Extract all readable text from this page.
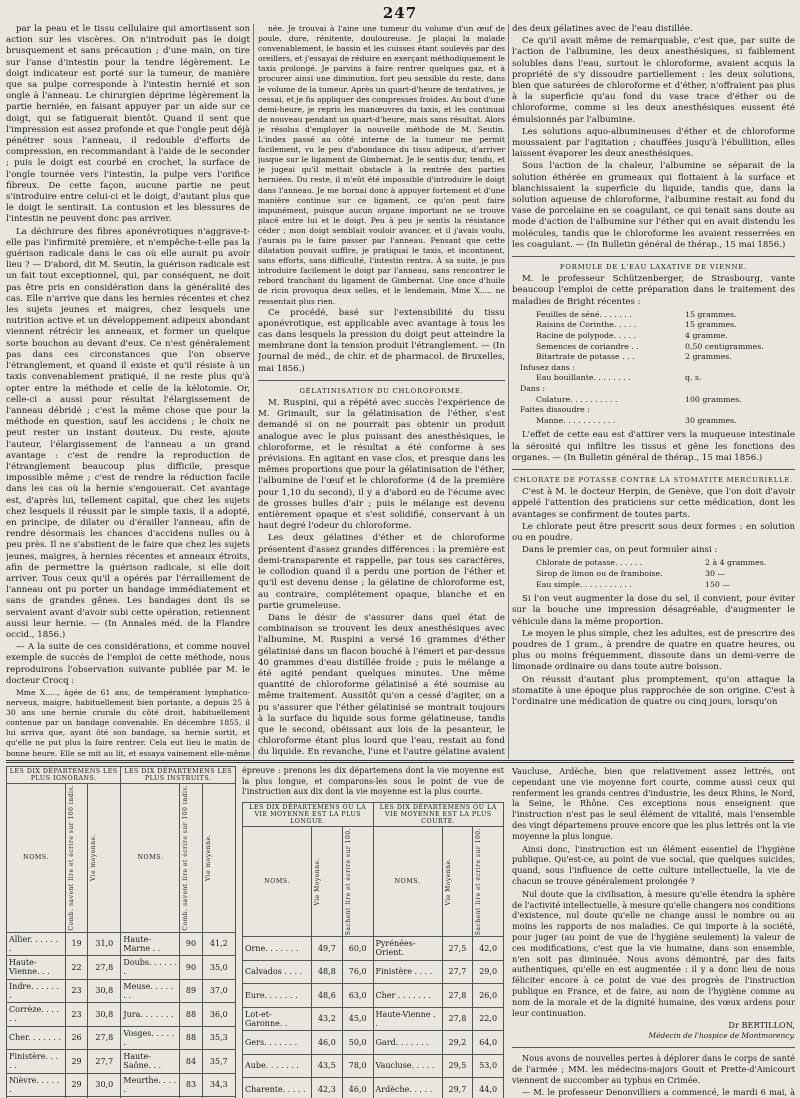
247

par la peau et le tissu cellulaire qui amortissent son action sur les viscères. On n'introduit pas le doigt brusquement et sans précaution ; d'une main, on tire sur l'anse d'intestin pour la tendre légèrement. Le doigt indicateur est porté sur la tumeur, de manière que sa pulpe corresponde à l'intestin hernié et son ongle à l'anneau. Le chirurgien déprime légèrement la partie herniée, en faisant appuyer par un aide sur ce doigt, qui se fatiguerait bientôt. Quand il sent que l'impression est assez profonde et que l'ongle peut déjà pénétrer sous l'anneau, il redouble d'efforts de compression, en recommandant à l'aide de le seconder ; puis le doigt est courbé en crochet, la surface de l'ongle tournée vers l'intestin, la pulpe vers l'orifice fibreux. De cette façon, aucune partie ne peut s'introduire entre celui-ci et le doigt, d'autant plus que le doigt le sentirait. La contusion et les blessures de l'intestin ne peuvent donc pas arriver.

La déchirure des fibres aponévrotiques n'aggrave-t-elle pas l'infirmité première, et n'empêche-t-elle pas la guérison radicale dans le cas où elle aurait pu avoir lieu ? — D'abord, dit M. Seutin, la guérison radicale est un fait tout exceptionnel, qui, par conséquent, ne doit pas être pris en considération dans la généralité des cas. Elle n'arrive que dans les hernies récentes et chez les sujets jeunes et maigres, chez lesquels une nutrition active et un développement adipeux abondant viennent rétrécir les anneaux, et former un quelque sorte bouchon au devant d'eux. Ce n'est généralement pas dans ces circonstances que l'on observe l'étranglement, et quand il existe et qu'il résiste à un taxis convenablement pratiqué, il ne reste plus qu'à opter entre la méthode et celle de la kélotomie. Or, celle-ci a aussi pour résultat l'élargissement de l'anneau débridé ; c'est la même chose que pour la méthode en question, sauf les accidens ; le choix ne peut rester un instant douteux. Du reste, ajoute l'auteur, l'élargissement de l'anneau a un grand avantage : c'est de rendre la reproduction de l'étranglement beaucoup plus difficile, presque impossible même ; c'est de rendre la réduction facile dans les cas où la hernie s'engouerait. Cet avantage est, d'après lui, tellement capital, que chez les sujets chez lesquels il réussit par le simple taxis, il a adopté, en principe, de dilater ou d'érailler l'anneau, afin de rendre désormais les chances d'accidens nulles ou à peu près. Il ne s'abstient de le faire que chez les sujets jeunes, maigres, à hernies récentes et anneaux étroits, afin de permettre la guérison radicale, si elle doit arriver. Tous ceux qu'il a opérés par l'érraillement de l'anneau ont pu porter un bandage immédiatement et sans de grandes gênes. Les bandages dont ils se servaient avant d'avoir subi cette opération, retiennent aussi leur hernie. — (In Annales méd. de la Flandre occid., 1856.)

— A la suite de ces considérations, et comme nouvel exemple de succès de l'emploi de cette méthode, nous reproduirons l'observation suivante publiée par M. le docteur Crocq :

Mme X....., âgée de 61 ans, de tempérament lymphatico-nerveux, maigre, habituellement bien portante, a depuis 25 à 30 ans une hernie crurale du côté droit, habituellement contenue par un bandage convenable. En décembre 1855, il lui arriva que, ayant ôté son bandage, sa hernie sortit, et qu'elle ne put plus la faire rentrer. Cela eut lieu le matin de bonne heure. Elle se mit au lit, et essaya vainement elle-même

née. Je trouvai à l'aine une tumeur du volume d'un œuf de poule, dure, rénitente, douloureuse. Je plaçai la malade convenablement, le bassin et les cuisses étant soulevés par des oreillers, et j'essayai de réduire en exerçant méthodiquement le taxis prolongé. Je parvins à faire rentrer quelques gaz, et à procurer ainsi une diminution, fort peu sensible du reste, dans le volume de la tumeur. Après un quart-d'heure de tentatives, je cessai, et je fis appliquer des compresses froides. Au bout d'une demi-heure, je repris les manœuvres du taxis, et les continuai de nouveau pendant un quart-d'heure, mais sans résultat. Alors je résolus d'employer la nouvelle méthode de M. Seutin. L'index passé au côté interne de la tumeur me permit facilement, vu le peu d'abondance du tissu adipeux, d'arriver jusque sur le ligament de Gimbernat. Je le sentis dur, tendu, et je jugeai qu'il mettait obstacle à la rentrée des parties herniées. Du reste, il m'eût été impossible d'introduire le doigt dans l'anneau. Je me bornai donc à appuyer fortement et d'une manière continue sur ce ligament, ce qu'on peut faire impunément, puisque aucun organe important ne se trouve placé entre lui et le doigt. Peu à peu je sentis la résistance céder ; mon doigt semblait vouloir avancer, et il j'avais voulu, j'aurais pu le faire passer par l'anneau. Pensant que cette dilatation pouvait suffire, je pratiquai le taxis, et incontinent, sans efforts, sans difficulté, l'intestin rentra. À sa suite, je pus introduire facilement le doigt par l'anneau, sans rencontrer le rebord tranchant du ligament de Gimbernat. Une once d'huile de ricin provoqua deux selles, et le lendemain, Mme X..... ne ressentait plus rien.

Ce procédé, basé sur l'extensibilité du tissu aponévrotique, est applicable avec avantage à tous les cas dans lesquels la pression du doigt peut atteindre la membrane dont la tension produit l'étranglement. — (In Journal de méd., de chir. et de pharmacol. de Bruxelles, mai 1856.)

GÉLATINISATION DU CHLOROFORME.

M. Ruspini, qui a répété avec succès l'expérience de M. Grimault, sur la gélatinisation de l'éther, s'est demandé si on ne pourrait pas obtenir un produit analogue avec le plus puissant des anesthésiques, le chloroforme, et le résultat a été conforme à ses prévisions. En agitant en vase clos, et presque dans les mêmes proportions que pour la gélatinisation de l'éther, l'albumine de l'œuf et le chloroforme (4 de la première pour 1,10 du second), il y a d'abord eu de l'écume avec de grosses bulles d'air ; puis le mélange est devenu entièrement opaque et s'est solidifié, conservant à un haut degré l'odeur du chloroforme.

Les deux gélatines d'éther et de chloroforme présentent d'assez grandes différences : la première est demi-transparente et rappelle, par tous ses caractères, le collodion quand il a perdu une portion de l'éther et qu'il est devenu dense ; la gélatine de chloroforme est, au contraire, complétement opaque, blanche et en partie grumeleuse.

Dans le désir de s'assurer dans quel état de combinaison se trouvent les deux anesthésiques avec l'albumine, M. Ruspini a versé 16 grammes d'éther gélatinisé dans un flacon bouché à l'émeri et par-dessus 40 grammes d'eau distillée froide ; puis le mélange a été agité pendant quelques minutes. Une même quantité de chloroforme gélatinisé a été soumise au même traitement. Aussitôt qu'on a cessé d'agiter, on a pu s'assurer que l'éther gélatinisé se montrait toujours à la surface du liquide sous forme gélatineuse, tandis que le second, obéissant aux lois de la pesanteur, le chloroforme étant plus lourd que l'eau, restait au fond du liquide. En revanche, l'une et l'autre gélatine avaient

des deux gélatines avec de l'eau distillée.

Ce qu'il avait même de remarquable, c'est que, par suite de l'action de l'albumine, les deux anesthésiques, si faiblement solubles dans l'eau, surtout le chloroforme, avaient acquis la propriété de s'y dissoudre partiellement : les deux solutions, bien que saturées de chloroforme et d'éther, n'offraient pas plus à la superficie qu'au fond du vase trace d'éther ou de chloroforme, comme si les deux anesthésiques eussent été émulsionnés par l'albumine.

Les solutions aquo-albumineuses d'éther et de chloroforme moussaient par l'agitation ; chauffées jusqu'à l'ébullition, elles laissent évaporer les deux anesthésiques.

Sous l'action de la chaleur, l'albumine se séparait de la solution éthérée en grumeaux qui flottaient à la surface et blanchissaient la superficie du liquide, tandis que, dans la solution aqueuse de chloroforme, l'albumine restait au fond du vase de porcelaine en se coagulant, ce qui tenait sans doute au mode d'action de l'albumine sur l'éther qui en avait distendu les molécules, tandis que le chloroforme les avaient resserrées en les coagulant. — (In Bulletin général de thérap., 15 mai 1856.)

FORMULE DE L'EAU LAXATIVE DE VIENNE.

M. le professeur Schützenberger, de Strasbourg, vante beaucoup l'emploi de cette préparation dans le traitement des maladies de Bright récentes :

Feuilles de séné. . . . . . .	15 grammes.
Raisins de Corinthe. . . . .	15 grammes.
Racine de polypode. . . . .	4 gramme.
Semences de coriandre . .	0,50 centigrammes.
Bitartrate de potasse . . .	2 grammes.
Infusez dans :
Eau bouillante. . . . . . . .	q. s.
Dans :
Colature. . . . . . . . . .	100 grammes.
Faites dissoudre :
Manne. . . . . . . . . . .	30 grammes.

L'effet de cette eau est d'attirer vers la muqueuse intestinale la sérosité qui infiltre les tissus et gêne les fonctions des organes. — (In Bulletin général de thérap., 15 mai 1856.)

CHLORATE DE POTASSE CONTRE LA STOMATITE MERCURIELLE.

C'est à M. le docteur Herpin, de Genève, que l'on doit d'avoir appelé l'attention des praticiens sur cette médication, dont les avantages se confirment de toutes parts.

Le chlorate peut être prescrit sous deux formes : en solution ou en poudre.

Dans le premier cas, on peut formuler ainsi :

Chlorate de potasse. . . . . .	2 à 4 grammes.
Sirop de limon ou de framboise.	30 —
Eau simple. . . . . . . . . . .	150 —

Si l'on veut augmenter la dose du sel, il convient, pour éviter sur la bouche une impression désagréable, d'augmenter le véhicule dans la même proportion.

Le moyen le plus simple, chez les adultes, est de prescrire des poudres de 1 gram., à prendre de quatre en quatre heures, ou plus ou moins fréquemment, dissoute dans un demi-verre de limonade ordinaire ou dans toute autre boisson.

On réussit d'autant plus promptement, qu'on attaque la stomatite à une époque plus rapprochée de son origine. C'est à l'ordinaire une médication de quatre ou cinq jours, lorsqu'on

LES DIX DÉPARTEMENS LES PLUS IGNORANS.			LES DIX DÉPARTEMENS LES PLUS INSTRUITS.		
NOMS.	Comb. savent lire et écrire sur 100 indiv.	Vie moyenne.	NOMS.	Comb. savent lire et écrire sur 100 indiv.	Vie moyenne.

Allier. . . . . . .	19	31,0	Haute-Marne . .	90	41,2
Haute-Vienne. . .	22	27,8	Doubs. . . . . . .	90	35,0
Indre. . . . . . .	23	30,8	Meuse. . . . . . .	89	37,0
Corrèze. . . . . .	23	30,8	Jura. . . . . . .	88	36,0
Cher. . . . . . .	26	27,8	Vosges. . . . . .	88	35,3
Finistère. . . . .	29	27,7	Haute-Saône. . .	84	35,7
Nièvre. . . . . .	29	30,0	Meurthe. . . . .	83	34,3

épreuve : prenons les dix départemens dont la vie moyenne est la plus longue, et comparons-les sous le point de vue de l'instruction aux dix dont la vie moyenne est la plus courte.
LES DIX DÉPARTEMENS OU LA VIE MOYENNE EST LA PLUS LONGUE.			LES DIX DÉPARTEMENS OU LA VIE MOYENNE EST LA PLUS COURTE.		
NOMS.	Vie Moyenne.	Sachent lire et écrire sur 100.	NOMS.	Vie Moyenne.	Sachent lire et écrire sur 100.

Orne. . . . . . .	49,7	60,0	Pyrénées-Orient.	27,5	42,0
Calvados . . . .	48,8	76,0	Finistère . . . .	27,7	29,0
Eure. . . . . . .	48,6	63,0	Cher . . . . . . .	27,8	26,0
Lot-et-Garonne. .	43,2	45,0	Haute-Vienne . .	27,8	22,0
Gers. . . . . . .	46,0	50,0	Gard. . . . . . .	29,2	64,0
Aube. . . . . . .	43,5	78,0	Vaucluse. . . . .	29,5	53,0
Charente. . . . .	42,3	46,0	Ardèche. . . . .	29,7	44,0

Vaucluse, Ardèche, bien que relativement assez lettrés, ont cependant une vie moyenne fort courte, comme aussi ceux qui renferment les grands centres d'industrie, les deux Rhins, le Nord, la Seine, le Rhône. Ces exceptions nous enseignent que l'instruction n'est pas le seul élément de vitalité, mais l'ensemble des vingt départemens prouve encore que les plus lettrés ont la vie moyenne la plus longue.

Ainsi donc, l'instruction est un élément essentiel de l'hygiène publique. Qu'est-ce, au point de vue social, que quelques suicides, quand, sous l'influence de cette culture intellectuelle, la vie de chacun se trouve généralement prolongée ?

Nul doute que la civilisation, à mesure qu'elle étendra la sphère de l'activité intellectuelle, à mesure qu'elle changera nos conditions d'existence, nul doute qu'elle ne change aussi le nombre ou au moins les rapports de nos maladies. Ce qui importe à la société, pour juger (au point de vue de l'hygiène seulement) la valeur de ces modifications, c'est que la vie humaine, dans son ensemble, n'en soit pas diminuée. Nous avons démontré, par des faits authentiques, qu'elle en est augmentée : il y a donc lieu de nous féliciter encore à ce point de vue des progrès de l'instruction publique en France, et de faire, au nom de l'hygiène comme au nom de la morale et de la dignité humaine, des vœux ardens pour leur continuation.

Dr BERTILLON,
Médecin de l'hospice de Montmorency.

Nous avons de nouvelles pertes à déplorer dans le corps de santé de l'armée ; MM. les médecins-majors Gouit et Prette-d'Amicourt viennent de succomber au typhus en Crimée.

— M. le professeur Denonvilliers a commencé, le mardi 6 mai, à
